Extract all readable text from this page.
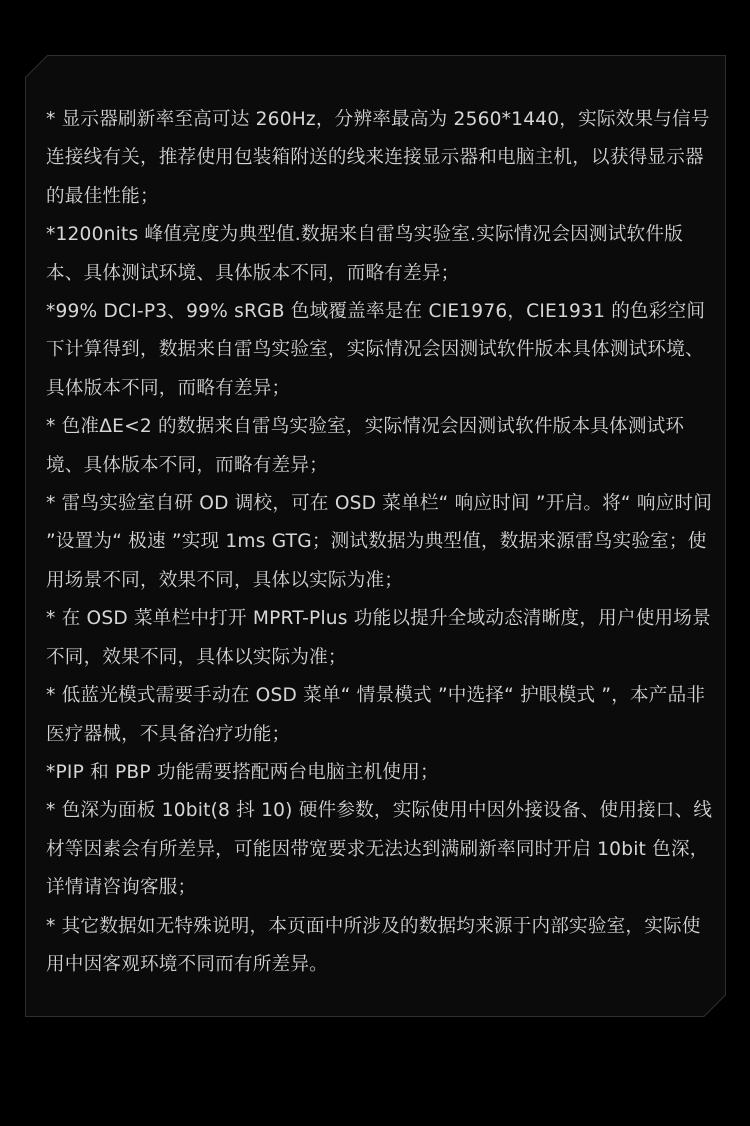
* 显示器刷新率至高可达 260Hz，分辨率最高为 2560*1440，实际效果与信号连接线有关，推荐使用包装箱附送的线来连接显示器和电脑主机，以获得显示器的最佳性能；

*1200nits 峰值亮度为典型值.数据来自雷鸟实验室.实际情况会因测试软件版本、具体测试环境、具体版本不同，而略有差异；

*99% DCI-P3、99% sRGB 色域覆盖率是在 CIE1976，CIE1931 的色彩空间下计算得到，数据来自雷鸟实验室，实际情况会因测试软件版本具体测试环境、具体版本不同，而略有差异；

* 色准ΔE<2 的数据来自雷鸟实验室，实际情况会因测试软件版本具体测试环境、具体版本不同，而略有差异；

* 雷鸟实验室自研 OD 调校，可在 OSD 菜单栏“ 响应时间 ”开启。将“ 响应时间 ”设置为“ 极速 ”实现 1ms GTG；测试数据为典型值，数据来源雷鸟实验室；使用场景不同，效果不同，具体以实际为准；

* 在 OSD 菜单栏中打开 MPRT-Plus 功能以提升全域动态清晰度，用户使用场景不同，效果不同，具体以实际为准；

* 低蓝光模式需要手动在 OSD 菜单“ 情景模式 ”中选择“ 护眼模式 ”，本产品非医疗器械，不具备治疗功能；

*PIP 和 PBP 功能需要搭配两台电脑主机使用；

* 色深为面板 10bit(8 抖 10) 硬件参数，实际使用中因外接设备、使用接口、线材等因素会有所差异，可能因带宽要求无法达到满刷新率同时开启 10bit 色深，详情请咨询客服；

* 其它数据如无特殊说明，本页面中所涉及的数据均来源于内部实验室，实际使用中因客观环境不同而有所差异。
